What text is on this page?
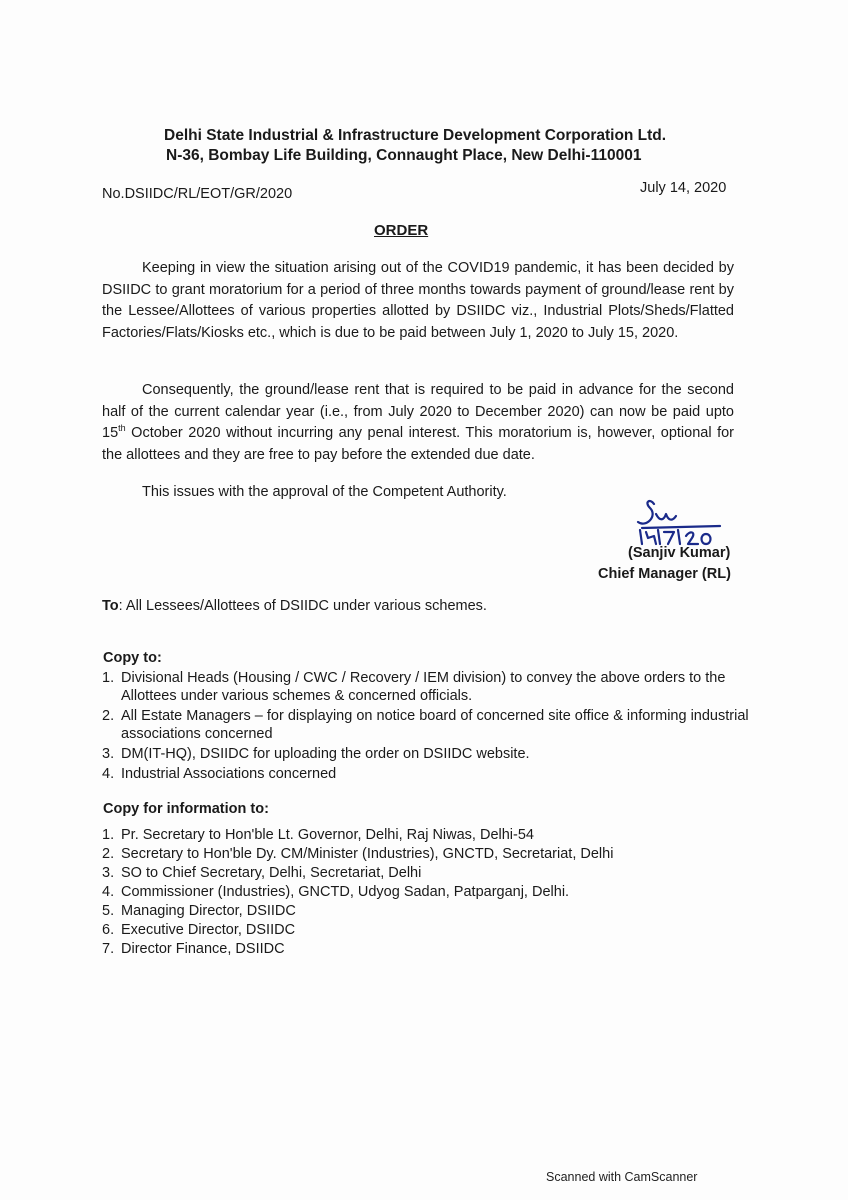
Delhi State Industrial & Infrastructure Development Corporation Ltd.
N-36, Bombay Life Building, Connaught Place, New Delhi-110001
No.DSIIDC/RL/EOT/GR/2020	July 14, 2020
ORDER
Keeping in view the situation arising out of the COVID19 pandemic, it has been decided by DSIIDC to grant moratorium for a period of three months towards payment of ground/lease rent by the Lessee/Allottees of various properties allotted by DSIIDC viz., Industrial Plots/Sheds/Flatted Factories/Flats/Kiosks etc., which is due to be paid between July 1, 2020 to July 15, 2020.
Consequently, the ground/lease rent that is required to be paid in advance for the second half of the current calendar year (i.e., from July 2020 to December 2020) can now be paid upto 15th October 2020 without incurring any penal interest. This moratorium is, however, optional for the allottees and they are free to pay before the extended due date.
This issues with the approval of the Competent Authority.
(Sanjiv Kumar)
Chief Manager (RL)
To: All Lessees/Allottees of DSIIDC under various schemes.
Copy to:
1. Divisional Heads (Housing / CWC / Recovery / IEM division) to convey the above orders to the Allottees under various schemes & concerned officials.
2. All Estate Managers – for displaying on notice board of concerned site office & informing industrial associations concerned
3. DM(IT-HQ), DSIIDC for uploading the order on DSIIDC website.
4. Industrial Associations concerned
Copy for information to:
1. Pr. Secretary to Hon'ble Lt. Governor, Delhi, Raj Niwas, Delhi-54
2. Secretary to Hon'ble Dy. CM/Minister (Industries), GNCTD, Secretariat, Delhi
3. SO to Chief Secretary, Delhi, Secretariat, Delhi
4. Commissioner (Industries), GNCTD, Udyog Sadan, Patparganj, Delhi.
5. Managing Director, DSIIDC
6. Executive Director, DSIIDC
7. Director Finance, DSIIDC
Scanned with CamScanner
